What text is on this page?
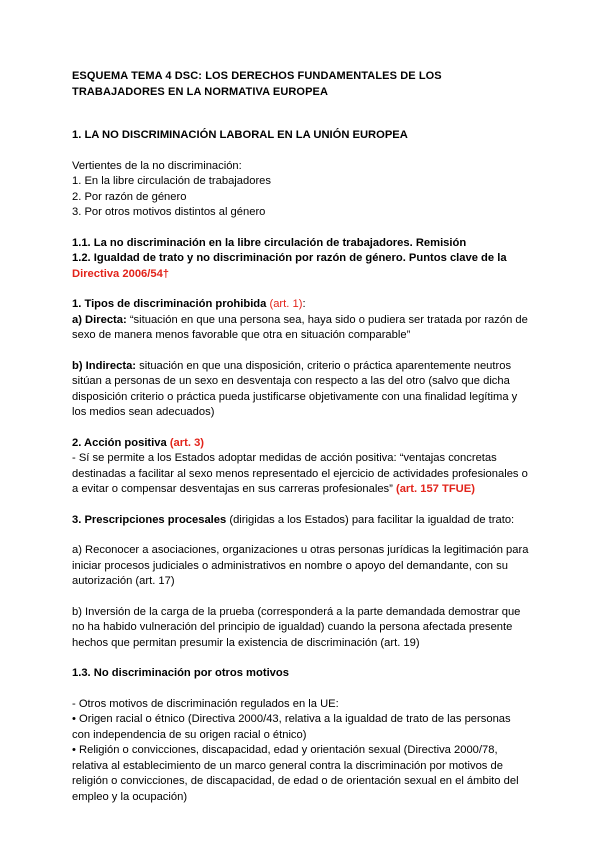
ESQUEMA TEMA 4 DSC: LOS DERECHOS FUNDAMENTALES DE LOS

TRABAJADORES EN LA NORMATIVA EUROPEA

1. LA NO DISCRIMINACIÓN LABORAL EN LA UNIÓN EUROPEA

Vertientes de la no discriminación:

1. En la libre circulación de trabajadores

2. Por razón de género

3. Por otros motivos distintos al género

1.1. La no discriminación en la libre circulación de trabajadores. Remisión

1.2. Igualdad de trato y no discriminación por razón de género. Puntos clave de la

Directiva 2006/54†

1. Tipos de discriminación prohibida (art. 1):

a) Directa: “situación en que una persona sea, haya sido o pudiera ser tratada por razón de sexo de manera menos favorable que otra en situación comparable”

b) Indirecta: situación en que una disposición, criterio o práctica aparentemente neutros sitúan a personas de un sexo en desventaja con respecto a las del otro (salvo que dicha disposición criterio o práctica pueda justificarse objetivamente con una finalidad legítima y los medios sean adecuados)

2. Acción positiva (art. 3)

- Sí se permite a los Estados adoptar medidas de acción positiva: “ventajas concretas destinadas a facilitar al sexo menos representado el ejercicio de actividades profesionales o a evitar o compensar desventajas en sus carreras profesionales” (art. 157 TFUE)

3. Prescripciones procesales (dirigidas a los Estados) para facilitar la igualdad de trato:

a) Reconocer a asociaciones, organizaciones u otras personas jurídicas la legitimación para iniciar procesos judiciales o administrativos en nombre o apoyo del demandante, con su autorización (art. 17)

b) Inversión de la carga de la prueba (corresponderá a la parte demandada demostrar que no ha habido vulneración del principio de igualdad) cuando la persona afectada presente hechos que permitan presumir la existencia de discriminación (art. 19)

1.3. No discriminación por otros motivos

- Otros motivos de discriminación regulados en la UE:

• Origen racial o étnico (Directiva 2000/43, relativa a la igualdad de trato de las personas con independencia de su origen racial o étnico)

• Religión o convicciones, discapacidad, edad y orientación sexual (Directiva 2000/78, relativa al establecimiento de un marco general contra la discriminación por motivos de religión o convicciones, de discapacidad, de edad o de orientación sexual en el ámbito del empleo y la ocupación)
